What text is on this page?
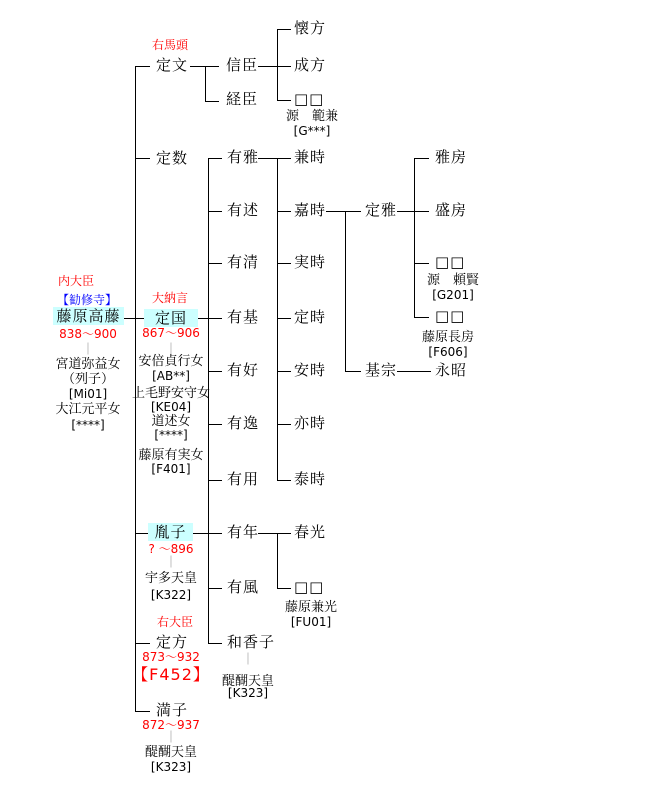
内大臣
【勧修寺】
藤原高藤
838～900
｜
宮道弥益女
（列子）
[Mi01]
大江元平女
[****]
右馬頭
定文
定数
大納言
定国
867～906
｜
安倍貞行女
[AB**]
上毛野安守女
[KE04]
道述女
[****]
藤原有実女
[F401]
胤子
? ～896
｜
宇多天皇
[K322]
右大臣
定方
873～932
【F452】
満子
872～937
｜
醍醐天皇
[K323]
信臣
経臣
有雅
有述
有清
有基
有好
有逸
有用
有年
有風
和香子
｜
醍醐天皇
[K323]
懐方
成方
□□
源　範兼
[G***]
兼時
嘉時
実時
定時
安時
亦時
泰時
春光
□□
藤原兼光
[FU01]
定雅
基宗
雅房
盛房
□□
源　頼賢
[G201]
□□
藤原長房
[F606]
永昭
